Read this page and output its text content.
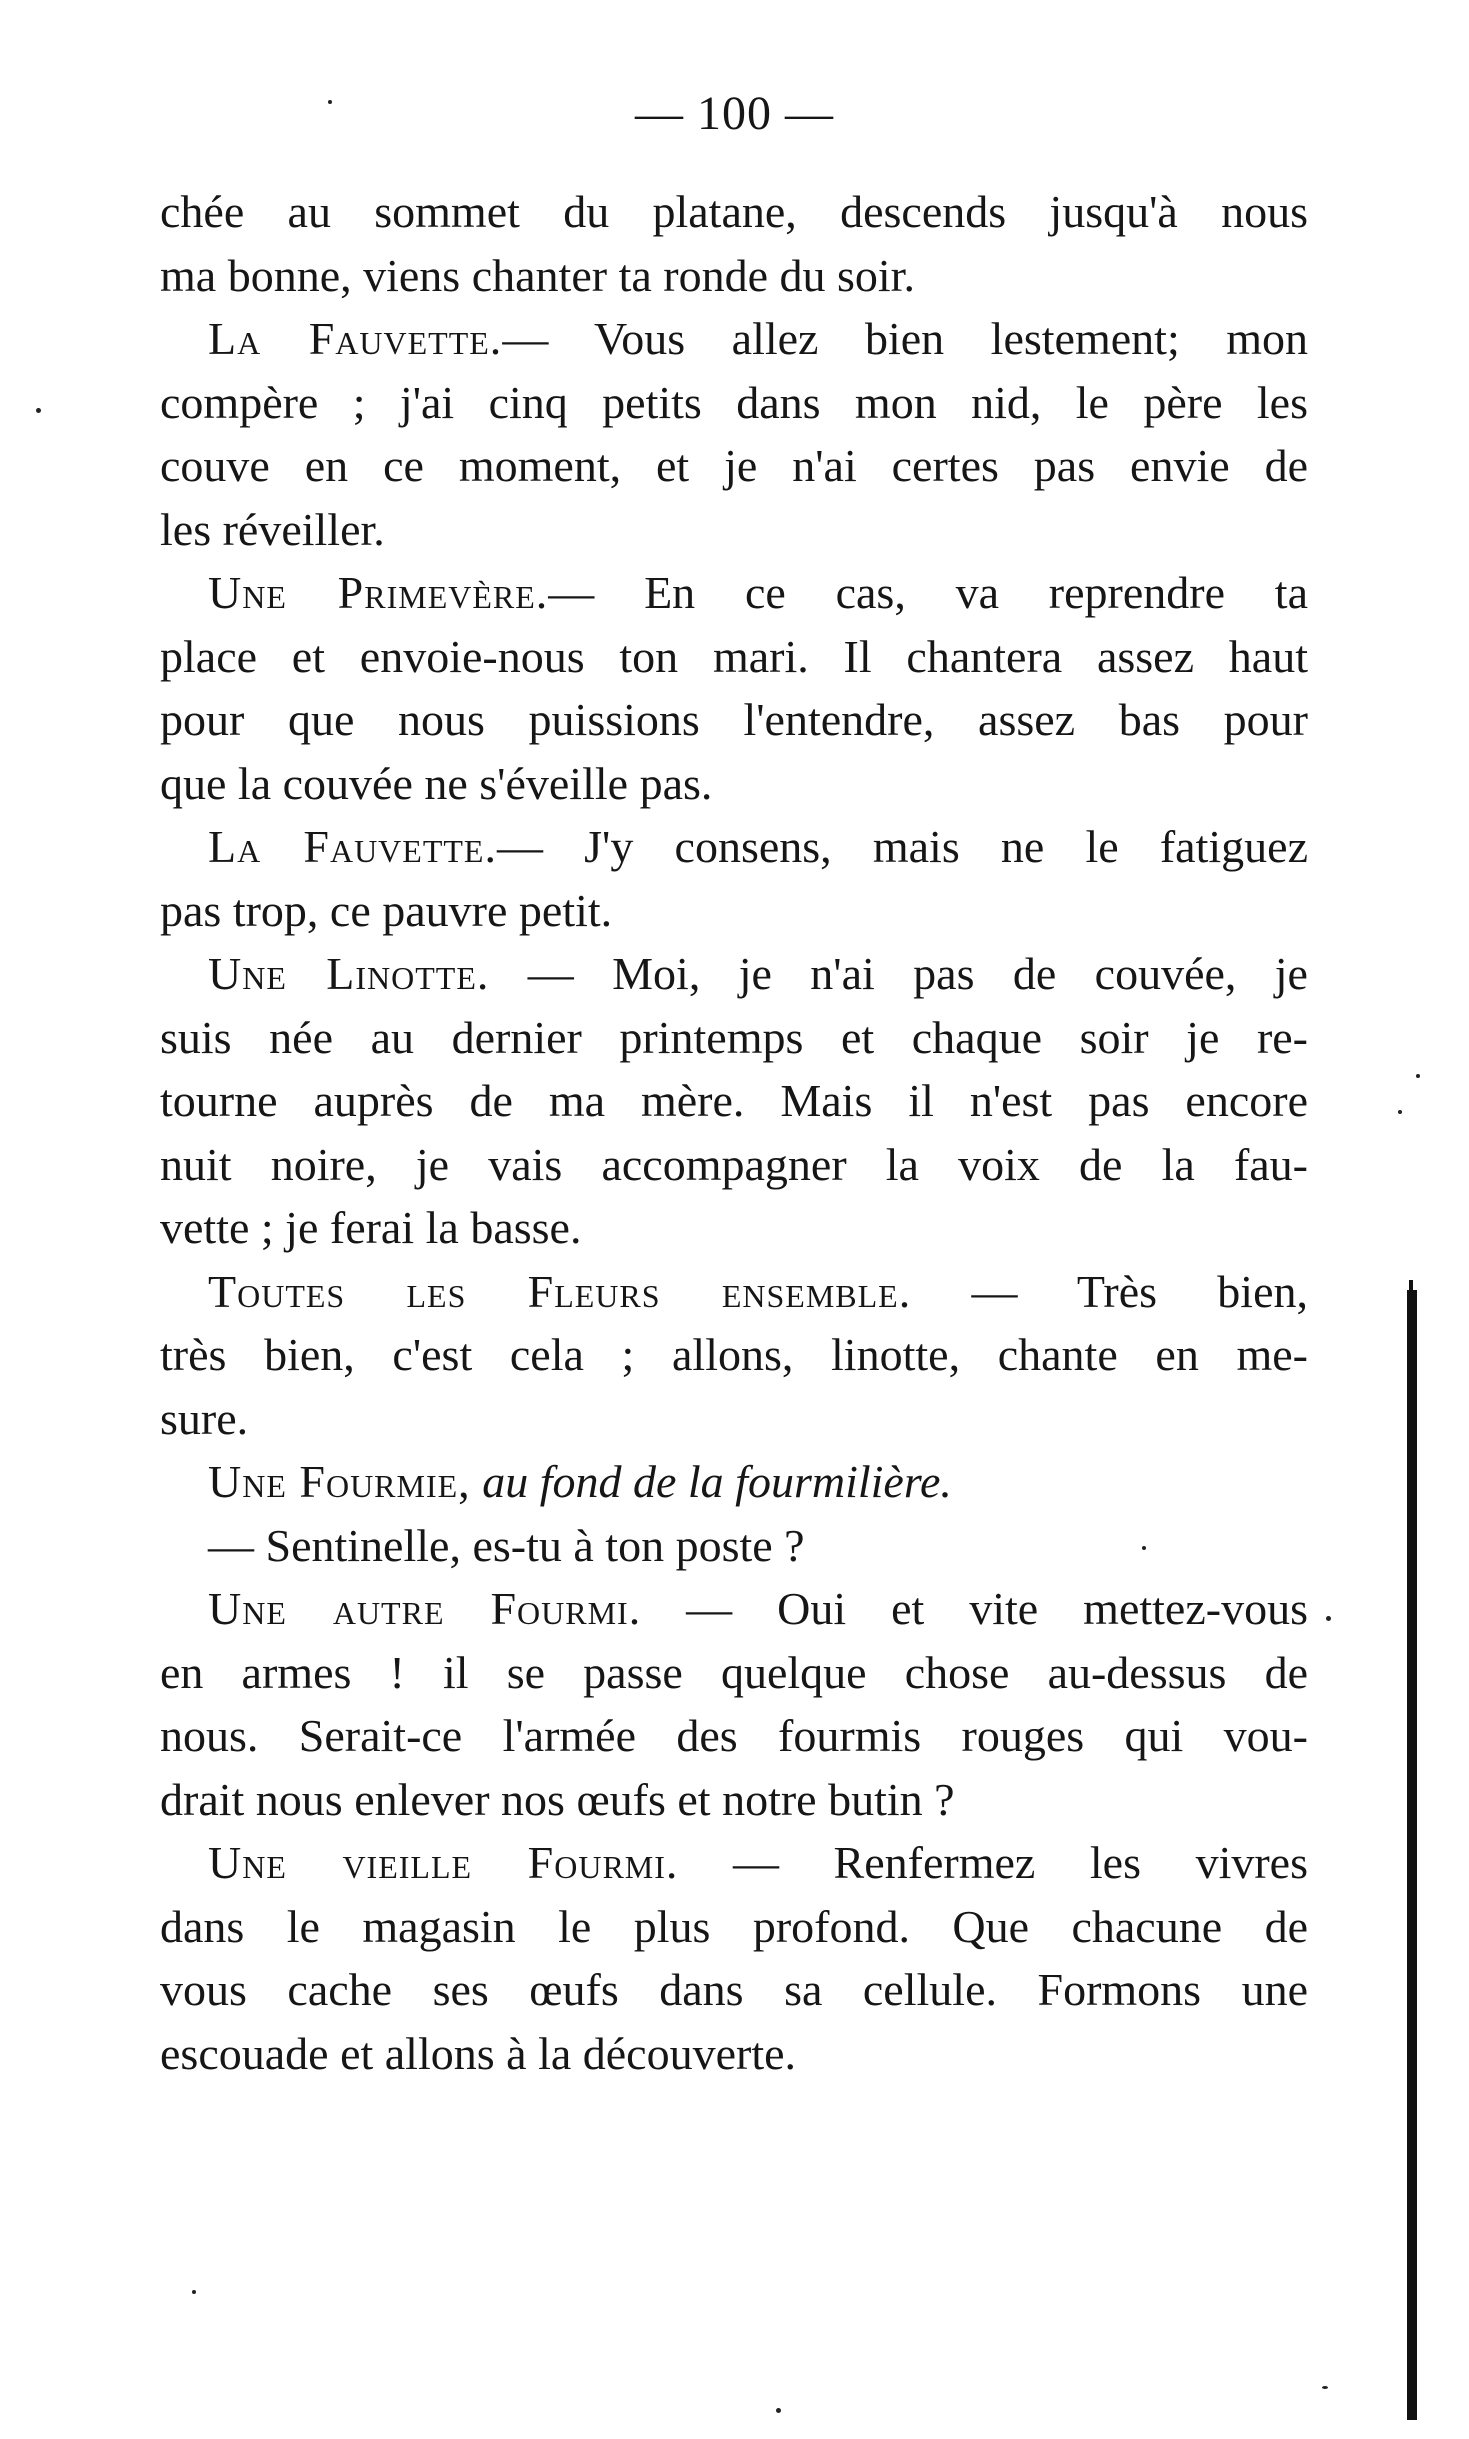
— 100 —
chée au sommet du platane, descends jusqu'à nous
ma bonne, viens chanter ta ronde du soir.
La Fauvette.— Vous allez bien lestement; mon
compère ; j'ai cinq petits dans mon nid, le père les
couve en ce moment, et je n'ai certes pas envie de
les réveiller.
Une Primevère.— En ce cas, va reprendre ta
place et envoie-nous ton mari. Il chantera assez haut
pour que nous puissions l'entendre, assez bas pour
que la couvée ne s'éveille pas.
La Fauvette.— J'y consens, mais ne le fatiguez
pas trop, ce pauvre petit.
Une Linotte. — Moi, je n'ai pas de couvée, je
suis née au dernier printemps et chaque soir je re-
tourne auprès de ma mère. Mais il n'est pas encore
nuit noire, je vais accompagner la voix de la fau-
vette ; je ferai la basse.
Toutes les Fleurs ensemble. — Très bien,
très bien, c'est cela ; allons, linotte, chante en me-
sure.
Une Fourmie, au fond de la fourmilière.
— Sentinelle, es-tu à ton poste ?
Une autre Fourmi. — Oui et vite mettez-vous
en armes ! il se passe quelque chose au-dessus de
nous. Serait-ce l'armée des fourmis rouges qui vou-
drait nous enlever nos œufs et notre butin ?
Une vieille Fourmi. — Renfermez les vivres
dans le magasin le plus profond. Que chacune de
vous cache ses œufs dans sa cellule. Formons une
escouade et allons à la découverte.
